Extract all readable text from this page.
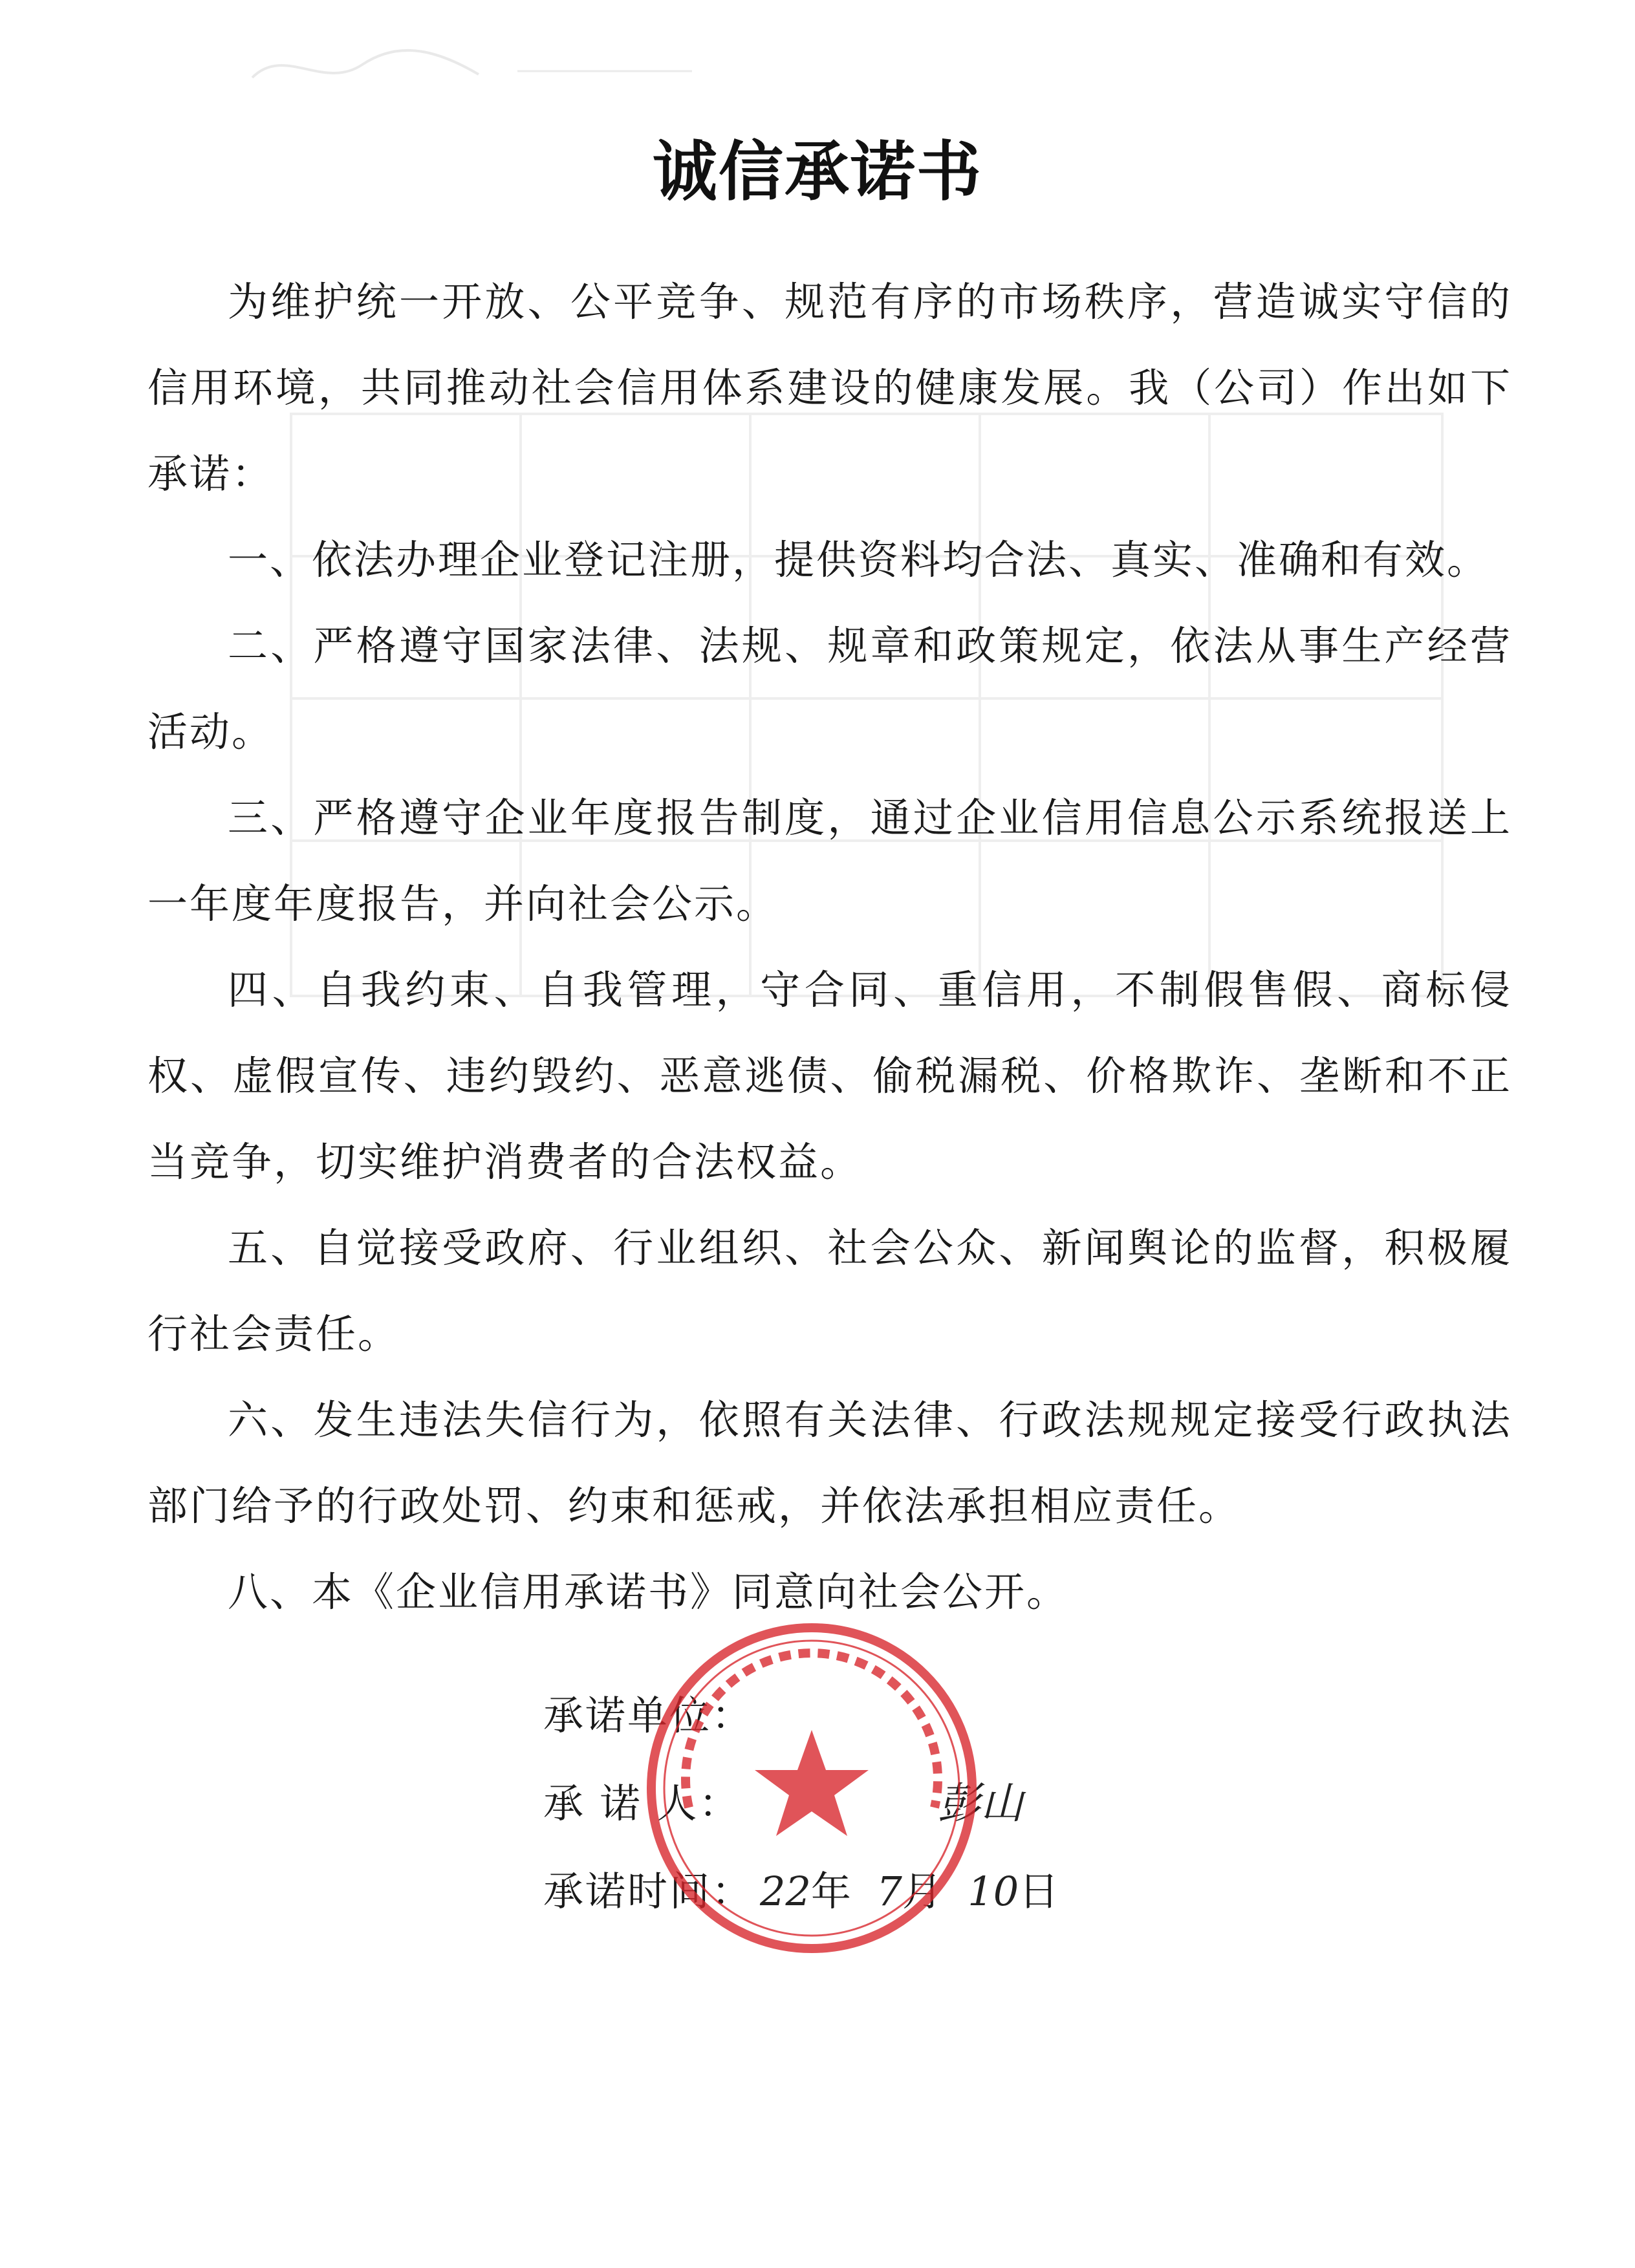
诚信承诺书

为维护统一开放、公平竞争、规范有序的市场秩序，营造诚实守信的信用环境，共同推动社会信用体系建设的健康发展。我（公司）作出如下承诺：

一、依法办理企业登记注册，提供资料均合法、真实、准确和有效。

二、严格遵守国家法律、法规、规章和政策规定，依法从事生产经营活动。

三、严格遵守企业年度报告制度，通过企业信用信息公示系统报送上一年度年度报告，并向社会公示。

四、自我约束、自我管理，守合同、重信用，不制假售假、商标侵权、虚假宣传、违约毁约、恶意逃债、偷税漏税、价格欺诈、垄断和不正当竞争，切实维护消费者的合法权益。

五、自觉接受政府、行业组织、社会公众、新闻舆论的监督，积极履行社会责任。

六、发生违法失信行为，依照有关法律、行政法规规定接受行政执法部门给予的行政处罚、约束和惩戒，并依法承担相应责任。

八、本《企业信用承诺书》同意向社会公开。

承诺单位：
承 诺 人：	彭山
承诺时间： 22年 7月 10日
